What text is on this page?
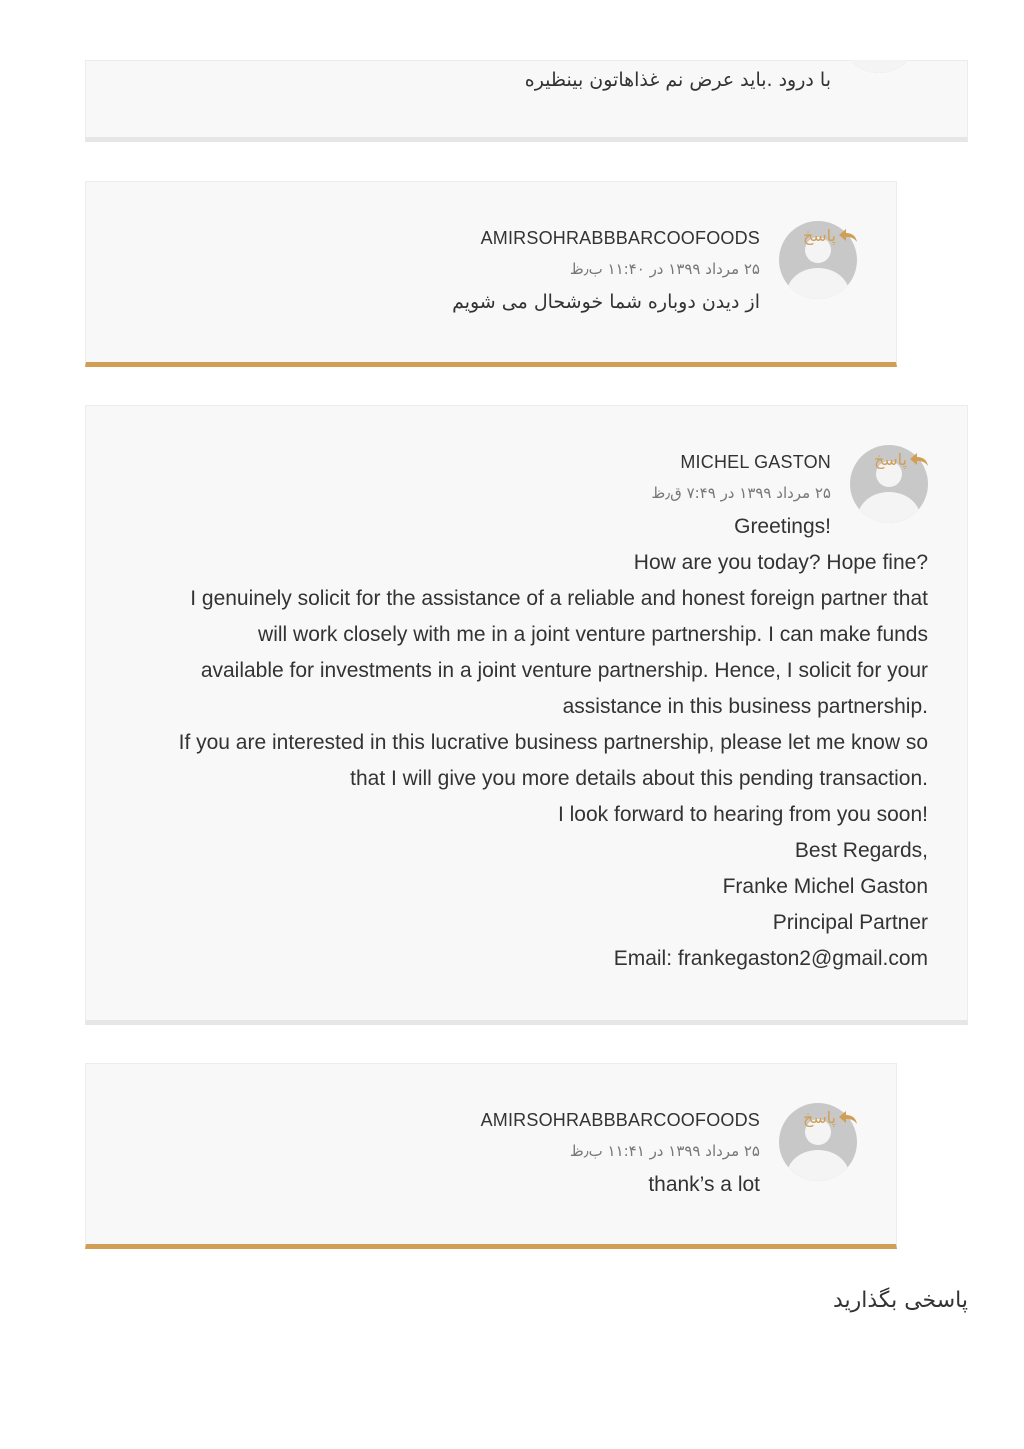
با درود .باید عرض نم غذاهاتون بینظیره
پاسخ
AMIRSOHRABBBARCOOFOODS
۲۵ مرداد ۱۳۹۹ در ۱۱:۴۰ ب٫ظ
از دیدن دوباره شما خوشحال می شویم
پاسخ
MICHEL GASTON
۲۵ مرداد ۱۳۹۹ در ۷:۴۹ ق٫ظ
!Greetings
?How are you today? Hope fine
I genuinely solicit for the assistance of a reliable and honest foreign partner that
will work closely with me in a joint venture partnership. I can make funds
available for investments in a joint venture partnership. Hence, I solicit for your
.assistance in this business partnership
If you are interested in this lucrative business partnership, please let me know so
.that I will give you more details about this pending transaction
!I look forward to hearing from you soon
,Best Regards
Franke Michel Gaston
Principal Partner
Email: frankegaston2@gmail.com
پاسخ
AMIRSOHRABBBARCOOFOODS
۲۵ مرداد ۱۳۹۹ در ۱۱:۴۱ ب٫ظ
thank’s a lot
پاسخی بگذارید
